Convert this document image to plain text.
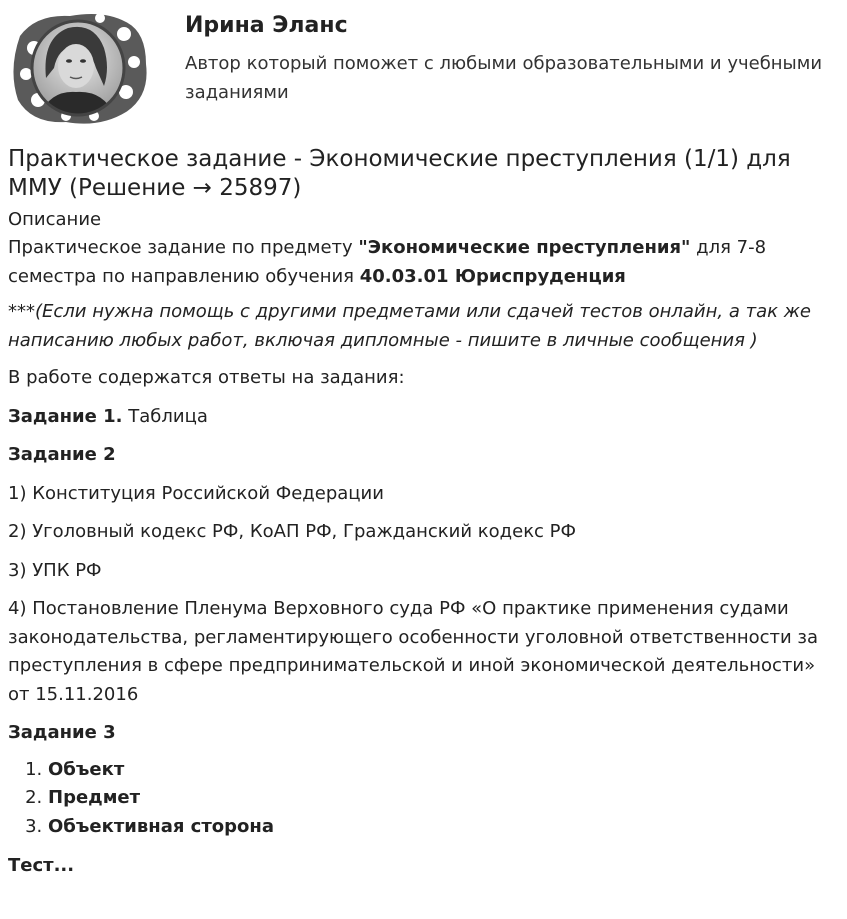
Ирина Эланс

Автор который поможет с любыми образовательными и учебными заданиями

Практическое задание - Экономические преступления (1/1) для ММУ (Решение → 25897)
Описание

Практическое задание по предмету "Экономические преступления" для 7-8 семестра по направлению обучения 40.03.01 Юриспруденция

***(Если нужна помощь с другими предметами или сдачей тестов онлайн, а так же написанию любых работ, включая дипломные - пишите в личные сообщения )

В работе содержатся ответы на задания:

Задание 1. Таблица

Задание 2

1) Конституция Российской Федерации

2) Уголовный кодекс РФ, КоАП РФ, Гражданский кодекс РФ

3) УПК РФ

4) Постановление Пленума Верховного суда РФ «О практике применения судами законодательства, регламентирующего особенности уголовной ответственности за преступления в сфере предпринимательской и иной экономической деятельности» от 15.11.2016

Задание 3

1. Объект
2. Предмет
3. Объективная сторона

Тест...
